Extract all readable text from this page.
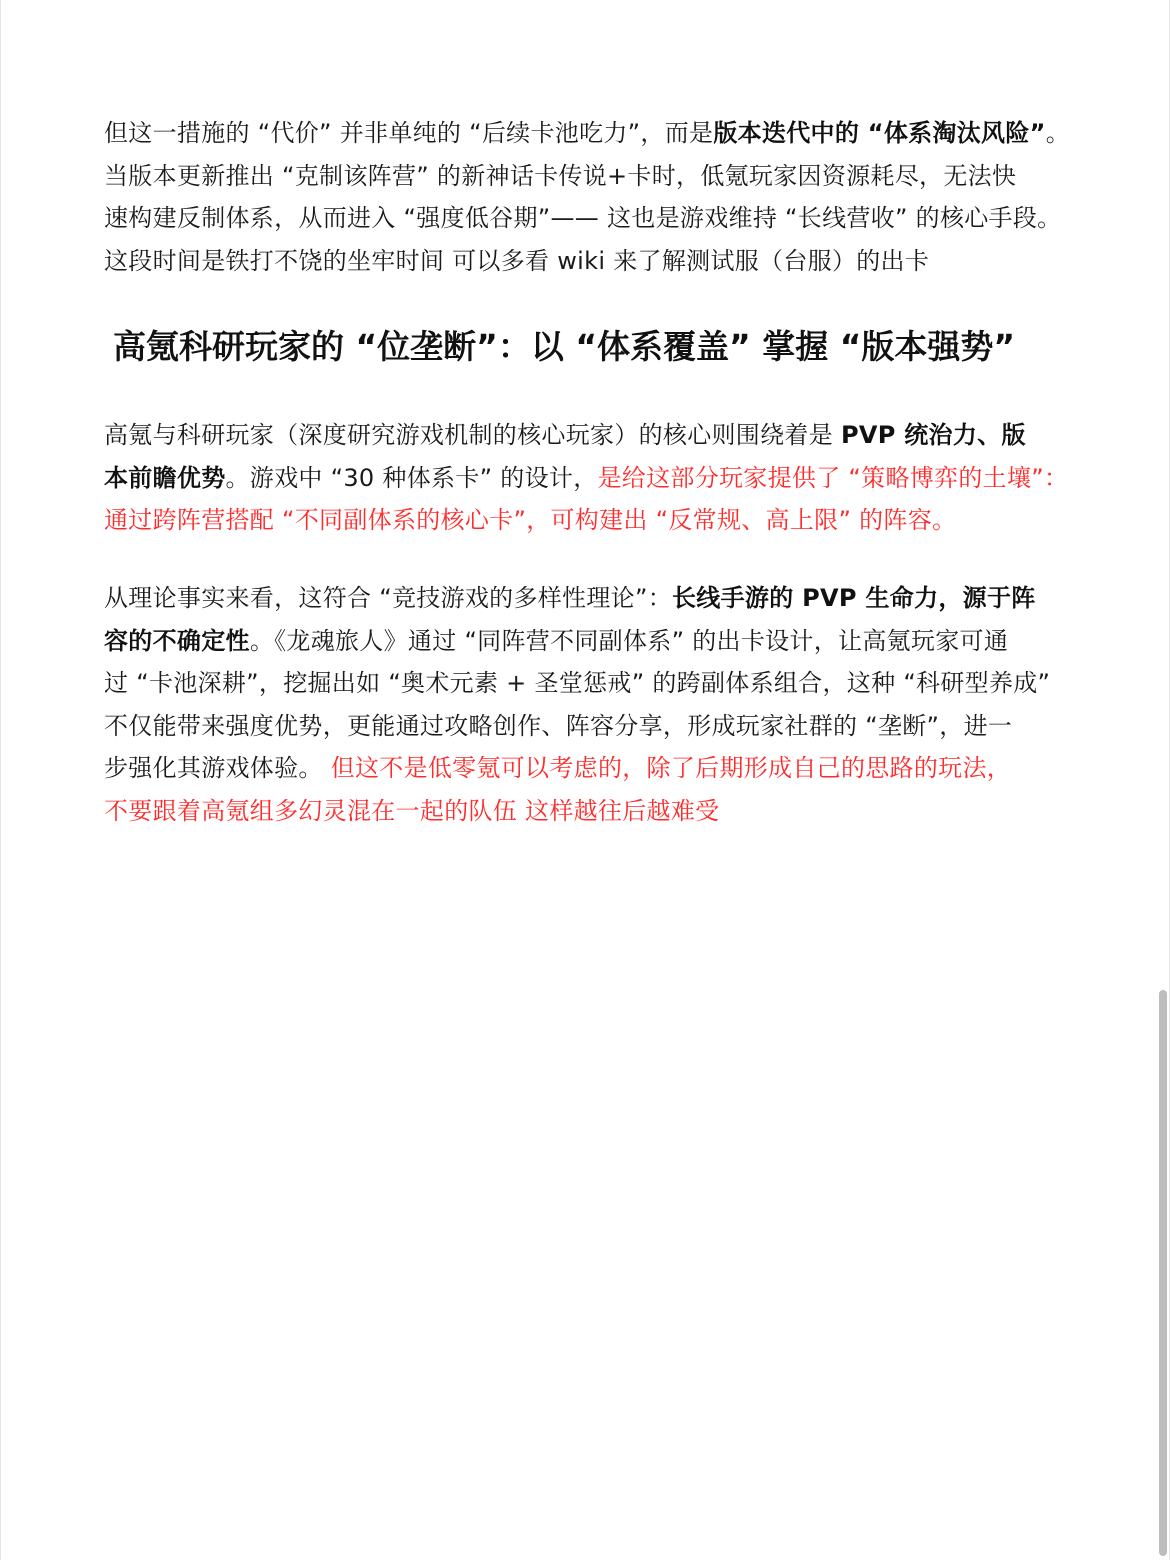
但这一措施的 “代价” 并非单纯的 “后续卡池吃力”，而是版本迭代中的 “体系淘汰风险”。
当版本更新推出 “克制该阵营” 的新神话卡传说+卡时，低氪玩家因资源耗尽，无法快
速构建反制体系，从而进入 “强度低谷期”—— 这也是游戏维持 “长线营收” 的核心手段。
这段时间是铁打不饶的坐牢时间 可以多看 wiki 来了解测试服（台服）的出卡

高氪科研玩家的 “位垄断”：以 “体系覆盖” 掌握 “版本强势”

高氪与科研玩家（深度研究游戏机制的核心玩家）的核心则围绕着是 PVP 统治力、版
本前瞻优势。游戏中 “30 种体系卡” 的设计，是给这部分玩家提供了 “策略博弈的土壤”：
通过跨阵营搭配 “不同副体系的核心卡”，可构建出 “反常规、高上限” 的阵容。

从理论事实来看，这符合 “竞技游戏的多样性理论”：长线手游的 PVP 生命力，源于阵
容的不确定性。《龙魂旅人》通过 “同阵营不同副体系” 的出卡设计，让高氪玩家可通
过 “卡池深耕”，挖掘出如 “奥术元素 + 圣堂惩戒” 的跨副体系组合，这种 “科研型养成”
不仅能带来强度优势，更能通过攻略创作、阵容分享，形成玩家社群的 “垄断”，进一
步强化其游戏体验。 但这不是低零氪可以考虑的，除了后期形成自己的思路的玩法，
不要跟着高氪组多幻灵混在一起的队伍 这样越往后越难受
